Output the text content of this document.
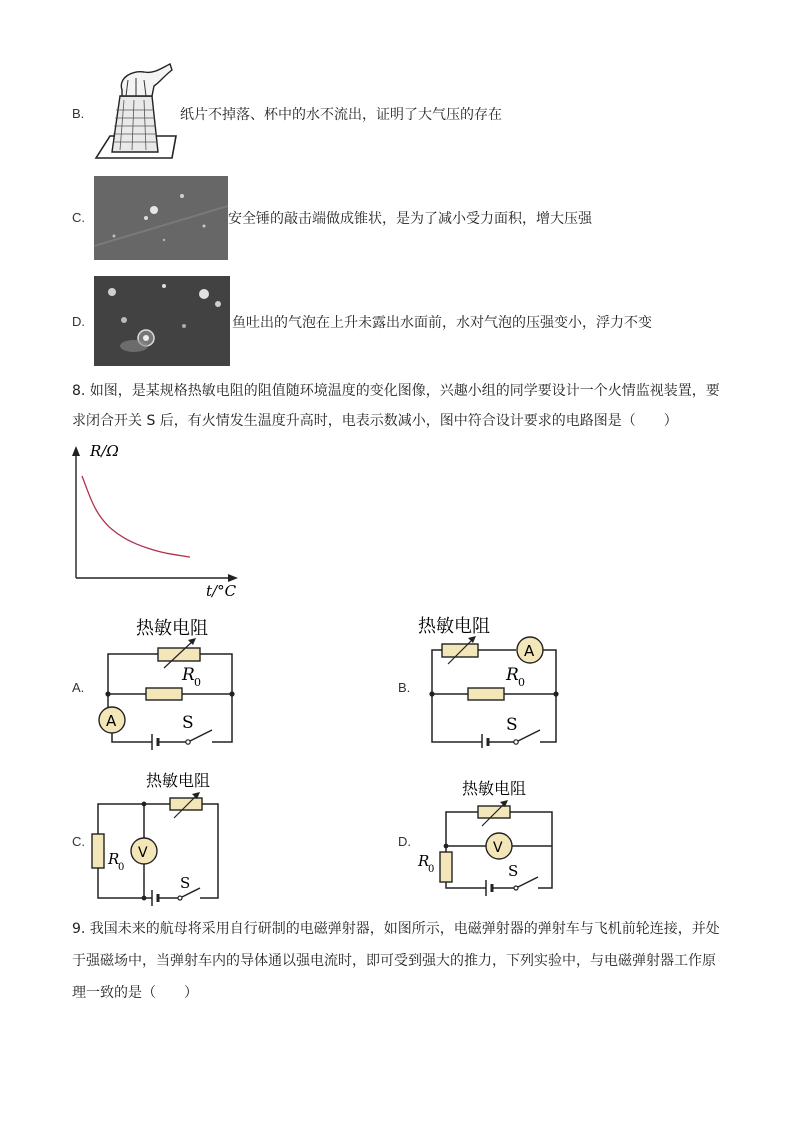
B.	纸片不掉落、杯中的水不流出，证明了大气压的存在
C.	安全锤的敲击端做成锥状，是为了减小受力面积，增大压强
D.	鱼吐出的气泡在上升未露出水面前，水对气泡的压强变小，浮力不变
8. 如图，是某规格热敏电阻的阻值随环境温度的变化图像，兴趣小组的同学要设计一个火情监视装置，要
求闭合开关 S 后，有火情发生温度升高时，电表示数减小，图中符合设计要求的电路图是（　　）
R/Ω
t/°C
A.
热敏电阻
R 0
A	S
B.
热敏电阻
A
R 0
S
C.
热敏电阻
V
R
0
S
D.
热敏电阻
V
R
0	S
9. 我国未来的航母将采用自行研制的电磁弹射器，如图所示，电磁弹射器的弹射车与飞机前轮连接，并处
于强磁场中，当弹射车内的导体通以强电流时，即可受到强大的推力，下列实验中，与电磁弹射器工作原
理一致的是（　　）
